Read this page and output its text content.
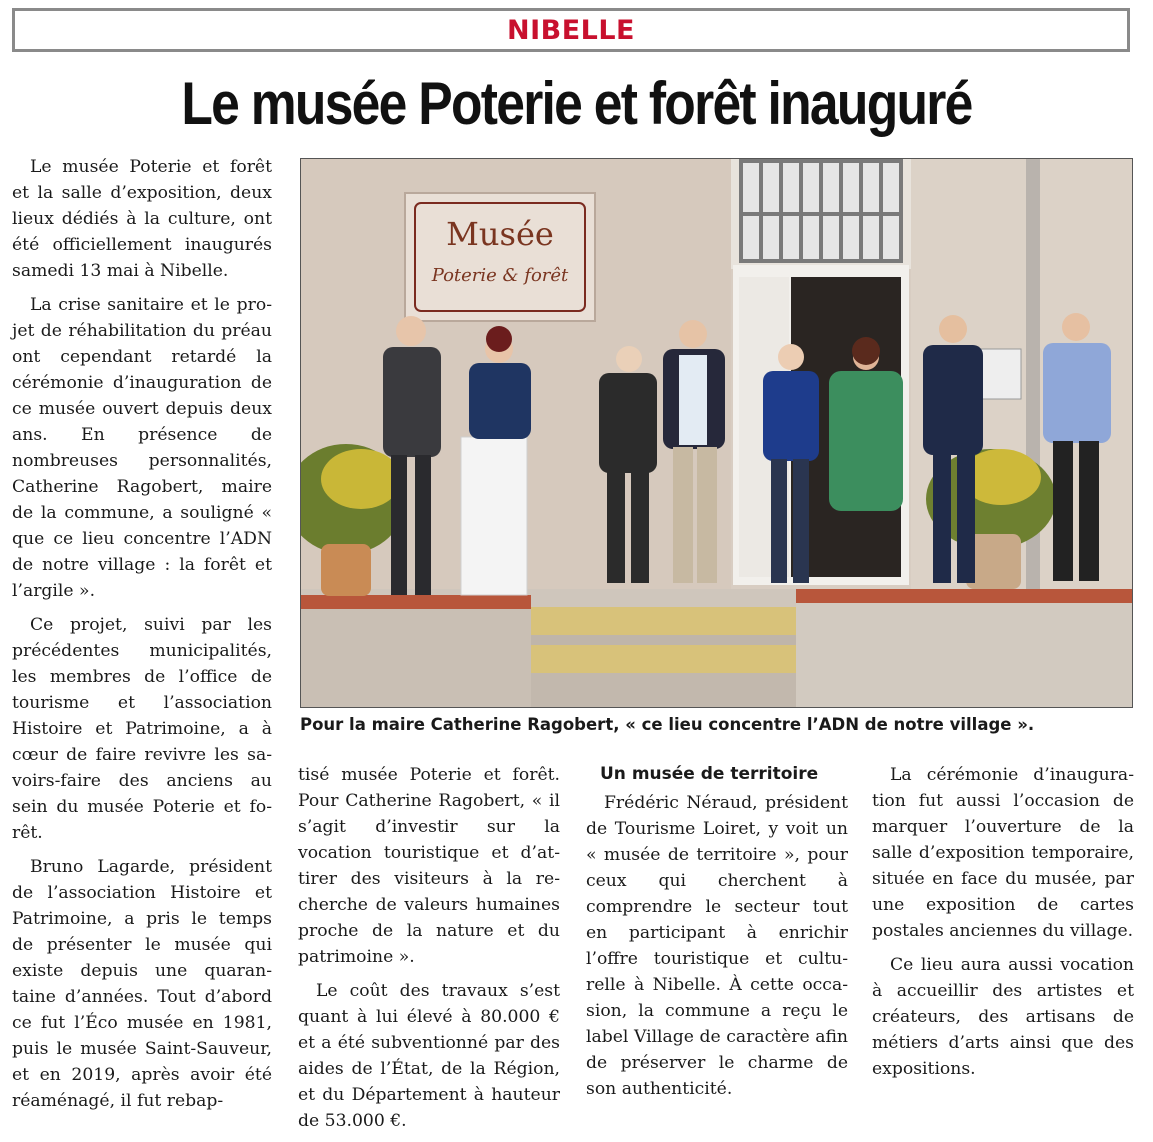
NIBELLE
Le musée Poterie et forêt inauguré

Le musée Poterie et forêt et la salle d’exposition, deux lieux dédiés à la culture, ont été officiellement inaugurés samedi 13 mai à Nibelle.

La crise sanitaire et le projet de réhabilitation du préau ont cependant retardé la cérémonie d’inauguration de ce musée ouvert depuis deux ans. En présence de nombreuses personnalités, Catherine Ragobert, maire de la commune, a souligné « que ce lieu concentre l’ADN de notre village : la forêt et l’argile ».

Ce projet, suivi par les précédentes municipalités, les membres de l’office de tourisme et l’association Histoire et Patrimoine, a à cœur de faire revivre les savoirs-faire des anciens au sein du musée Poterie et forêt.

Bruno Lagarde, président de l’association Histoire et Patrimoine, a pris le temps de présenter le musée qui existe depuis une quarantaine d’années. Tout d’abord ce fut l’Éco musée en 1981, puis le musée Saint-Sauveur, et en 2019, après avoir été réaménagé, il fut rebap-

Musée
Poterie & forêt
Pour la maire Catherine Ragobert, « ce lieu concentre l’ADN de notre village ».

tisé musée Poterie et forêt. Pour Catherine Ragobert, « il s’agit d’investir sur la vocation touristique et d’attirer des visiteurs à la recherche de valeurs humaines proche de la nature et du patrimoine ».

Le coût des travaux s’est quant à lui élevé à 80.000 € et a été subventionné par des aides de l’État, de la Région, et du Département à hauteur de 53.000 €.

Un musée de territoire

Frédéric Néraud, président de Tourisme Loiret, y voit un « musée de territoire », pour ceux qui cherchent à comprendre le secteur tout en participant à enrichir l’offre touristique et culturelle à Nibelle. À cette occasion, la commune a reçu le label Village de caractère afin de préserver le charme de son authenticité.

La cérémonie d’inauguration fut aussi l’occasion de marquer l’ouverture de la salle d’exposition temporaire, située en face du musée, par une exposition de cartes postales anciennes du village.

Ce lieu aura aussi vocation à accueillir des artistes et créateurs, des artisans de métiers d’arts ainsi que des expositions.
